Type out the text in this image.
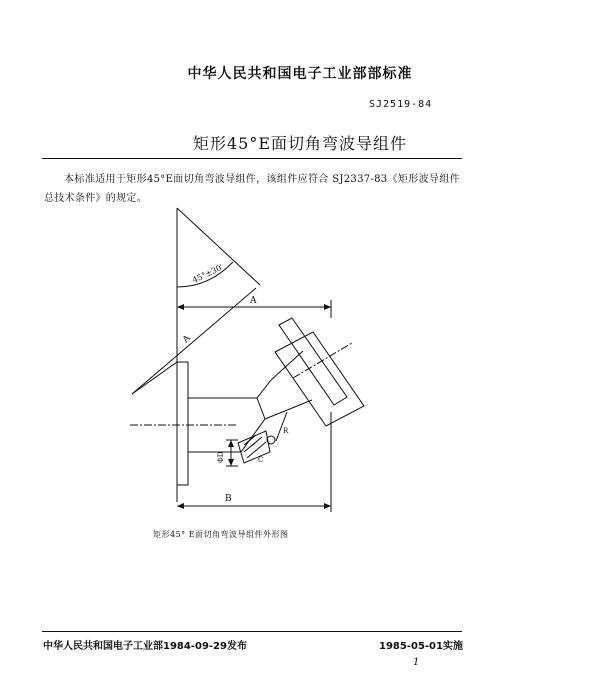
中华人民共和国电子工业部部标准
SJ2519-84
矩形45°E面切角弯波导组件
本标准适用于矩形45°E面切角弯波导组件，该组件应符合 SJ2337-83《矩形波导组件总技术条件》的规定。
45°±30′
A
A
B
ΦD	C
R
矩形45° E面切角弯波导组件外形图
中华人民共和国电子工业部1984-09-29发布	1985-05-01实施
1
